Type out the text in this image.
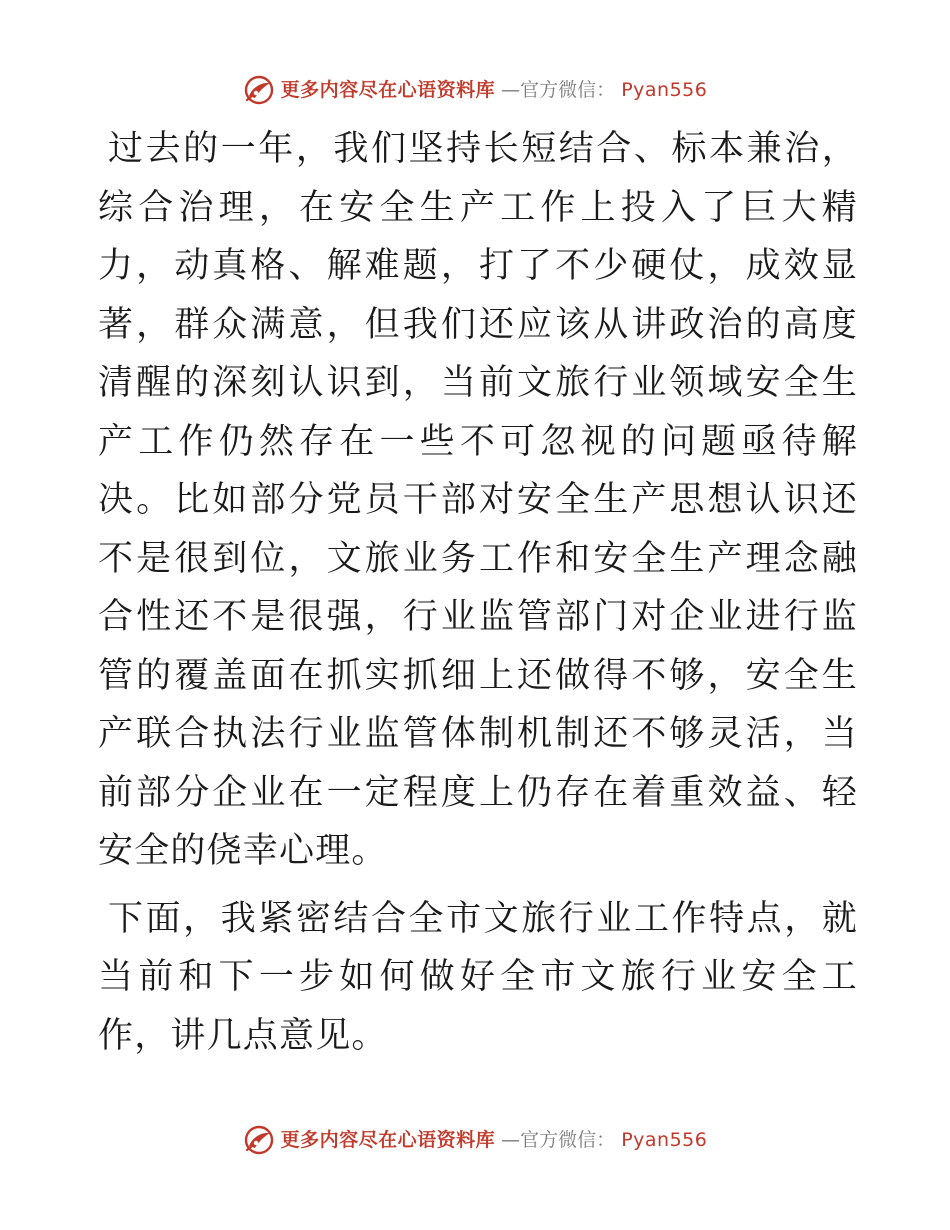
更多内容尽在心语资料库 —官方微信： Pyan556

过去的一年，我们坚持长短结合、标本兼治，综合治理，在安全生产工作上投入了巨大精力，动真格、解难题，打了不少硬仗，成效显著，群众满意，但我们还应该从讲政治的高度清醒的深刻认识到，当前文旅行业领域安全生产工作仍然存在一些不可忽视的问题亟待解决。比如部分党员干部对安全生产思想认识还不是很到位，文旅业务工作和安全生产理念融合性还不是很强，行业监管部门对企业进行监管的覆盖面在抓实抓细上还做得不够，安全生产联合执法行业监管体制机制还不够灵活，当前部分企业在一定程度上仍存在着重效益、轻安全的侥幸心理。

下面，我紧密结合全市文旅行业工作特点，就当前和下一步如何做好全市文旅行业安全工作，讲几点意见。

更多内容尽在心语资料库 —官方微信： Pyan556
